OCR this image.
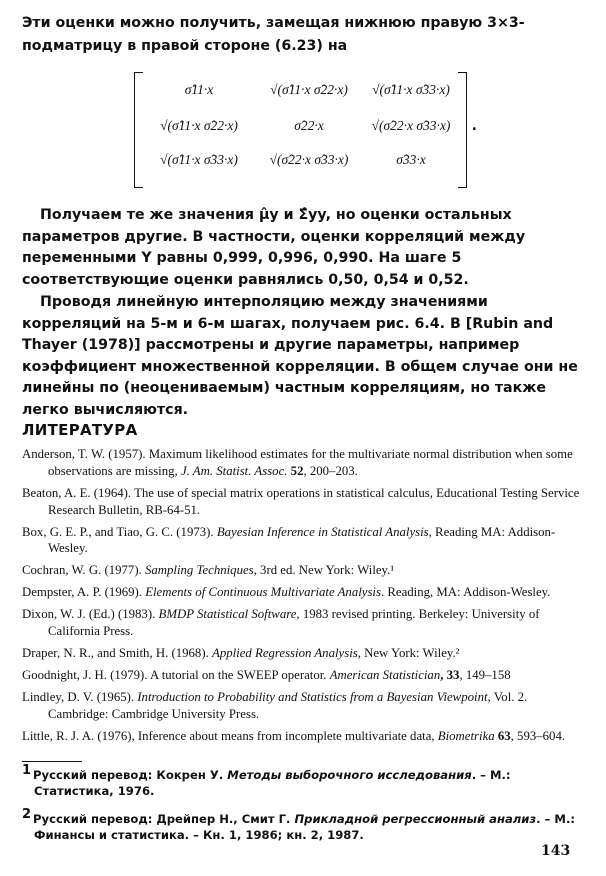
Эти оценки можно получить, замещая нижнюю правую 3×3-подматрицу в правой стороне (6.23) на
σ̂11·x	√(σ̂11·x σ̂22·x)	√(σ̂11·x σ̂33·x)
√(σ̂11·x σ̂22·x)	σ̂22·x	√(σ̂22·x σ̂33·x)
√(σ̂11·x σ̂33·x)	√(σ̂22·x σ̂33·x)	σ̂33·x
.
Получаем те же значения μ̂y и Σ̂yy, но оценки остальных параметров другие. В частности, оценки корреляций между переменными Y равны 0,999, 0,996, 0,990. На шаге 5 соответствующие оценки равнялись 0,50, 0,54 и 0,52.
Проводя линейную интерполяцию между значениями корреляций на 5-м и 6-м шагах, получаем рис. 6.4. В [Rubin and Thayer (1978)] рассмотрены и другие параметры, например коэффициент множественной корреляции. В общем случае они не линейны по (неоцениваемым) частным корреляциям, но также легко вычисляются.
ЛИТЕРАТУРА
Anderson, T. W. (1957). Maximum likelihood estimates for the multivariate normal distribution when some observations are missing, J. Am. Statist. Assoc. 52, 200–203.
Beaton, A. E. (1964). The use of special matrix operations in statistical calculus, Educational Testing Service Research Bulletin, RB-64-51.
Box, G. E. P., and Tiao, G. C. (1973). Bayesian Inference in Statistical Analysis, Reading MA: Addison-Wesley.
Cochran, W. G. (1977). Sampling Techniques, 3rd ed. New York: Wiley.¹
Dempster, A. P. (1969). Elements of Continuous Multivariate Analysis. Reading, MA: Addison-Wesley.
Dixon, W. J. (Ed.) (1983). BMDP Statistical Software, 1983 revised printing. Berkeley: University of California Press.
Draper, N. R., and Smith, H. (1968). Applied Regression Analysis, New York: Wiley.²
Goodnight, J. H. (1979). A tutorial on the SWEEP operator. American Statistician, 33, 149–158
Lindley, D. V. (1965). Introduction to Probability and Statistics from a Bayesian Viewpoint, Vol. 2. Cambridge: Cambridge University Press.
Little, R. J. A. (1976), Inference about means from incomplete multivariate data, Biometrika 63, 593–604.
$^1$ Русский перевод: Кокрен У. Методы выборочного исследования. – М.: Статистика, 1976.
$^2$ Русский перевод: Дрейпер Н., Смит Г. Прикладной регрессионный анализ. – М.: Финансы и статистика. – Кн. 1, 1986; кн. 2, 1987.
143
